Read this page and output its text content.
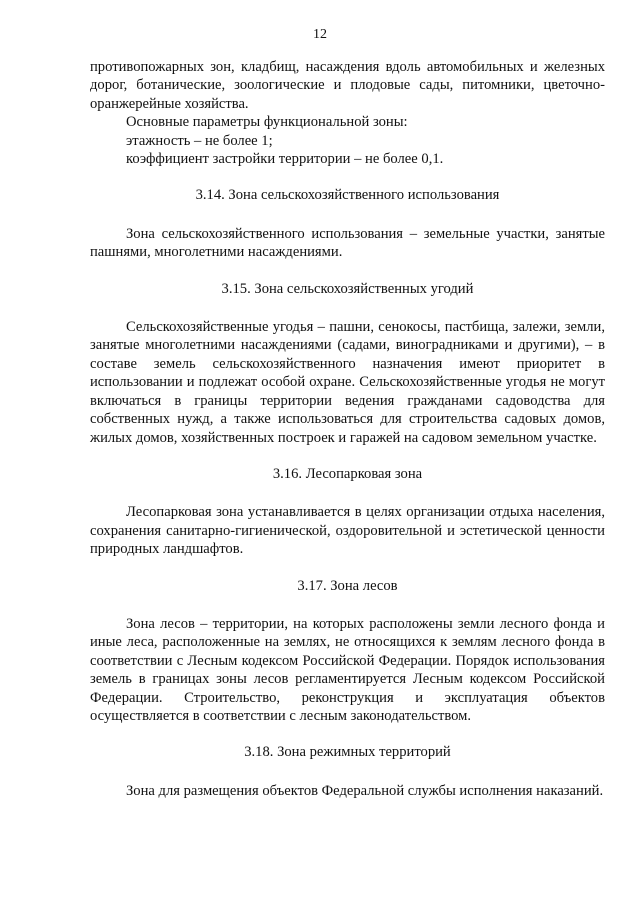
12

противопожарных зон, кладбищ, насаждения вдоль автомобильных и железных дорог, ботанические, зоологические и плодовые сады, питомники, цветочно-оранжерейные хозяйства.

Основные параметры функциональной зоны:

этажность – не более 1;

коэффициент застройки территории – не более 0,1.

3.14. Зона сельскохозяйственного использования

Зона сельскохозяйственного использования – земельные участки, занятые пашнями, многолетними насаждениями.

3.15. Зона сельскохозяйственных угодий

Сельскохозяйственные угодья – пашни, сенокосы, пастбища, залежи, земли, занятые многолетними насаждениями (садами, виноградниками и другими), – в составе земель сельскохозяйственного назначения имеют приоритет в использовании и подлежат особой охране. Сельскохозяйственные угодья не могут включаться в границы территории ведения гражданами садоводства для собственных нужд, а также использоваться для строительства садовых домов, жилых домов, хозяйственных построек и гаражей на садовом земельном участке.

3.16. Лесопарковая зона

Лесопарковая зона устанавливается в целях организации отдыха населения, сохранения санитарно-гигиенической, оздоровительной и эстетической ценности природных ландшафтов.

3.17. Зона лесов

Зона лесов – территории, на которых расположены земли лесного фонда и иные леса, расположенные на землях, не относящихся к землям лесного фонда в соответствии с Лесным кодексом Российской Федерации. Порядок использования земель в границах зоны лесов регламентируется Лесным кодексом Российской Федерации. Строительство, реконструкция и эксплуатация объектов осуществляется в соответствии с лесным законодательством.

3.18. Зона режимных территорий

Зона для размещения объектов Федеральной службы исполнения наказаний.
